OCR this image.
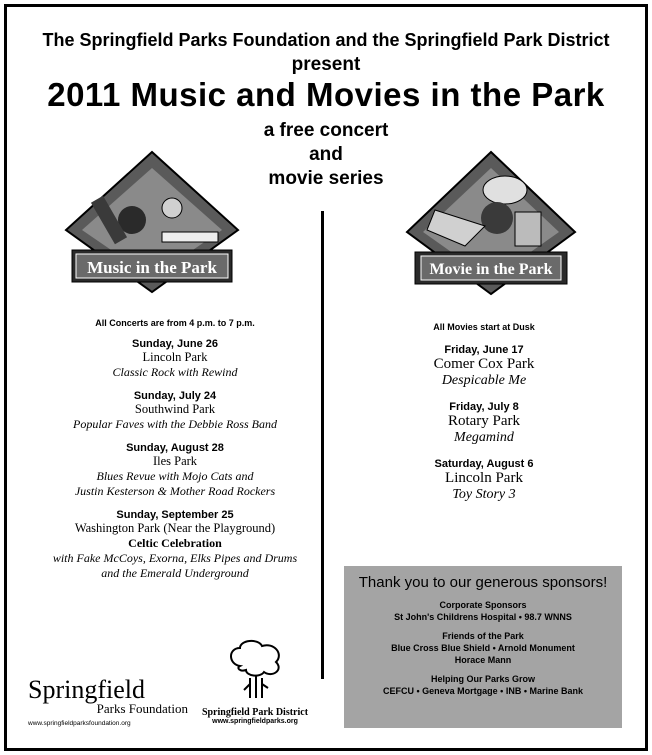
The Springfield Parks Foundation and the Springfield Park District
present
2011 Music and Movies in the Park
a free concert
and
movie series
Music in the Park	Movie in the Park
All Concerts are from 4 p.m. to 7 p.m.
Sunday, June 26
Lincoln Park
Classic Rock with Rewind
Sunday, July 24
Southwind Park
Popular Faves with the Debbie Ross Band
Sunday, August 28
Iles Park
Blues Revue with Mojo Cats and
Justin Kesterson & Mother Road Rockers
Sunday, September 25
Washington Park (Near the Playground)
Celtic Celebration
with Fake McCoys, Exorna, Elks Pipes and Drums
and the Emerald Underground
All Movies start at Dusk
Friday, June 17
Comer Cox Park
Despicable Me
Friday, July 8
Rotary Park
Megamind
Saturday, August 6
Lincoln Park
Toy Story 3
Thank you to our generous sponsors!
Corporate Sponsors
St John's Childrens Hospital • 98.7 WNNS
Friends of the Park
Blue Cross Blue Shield • Arnold Monument
Horace Mann
Helping Our Parks Grow
CEFCU • Geneva Mortgage • INB • Marine Bank
Springfield
Parks Foundation
www.springfieldparksfoundation.org
Springfield Park District
www.springfieldparks.org
